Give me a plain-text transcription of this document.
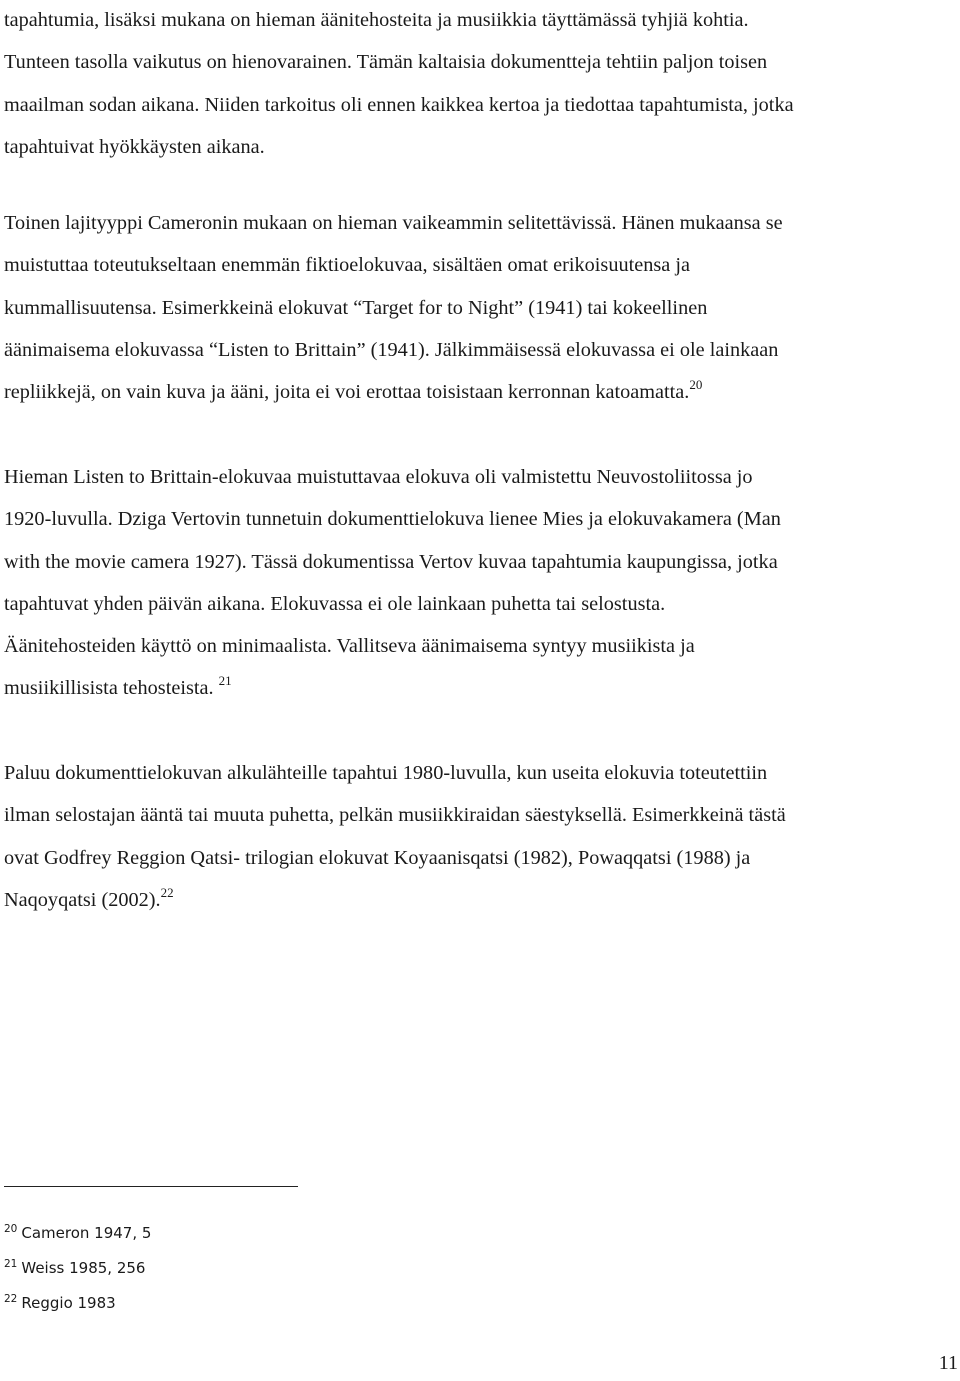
tapahtumia, lisäksi mukana on hieman äänitehosteita ja musiikkia täyttämässä tyhjiä kohtia.
Tunteen tasolla vaikutus on hienovarainen. Tämän kaltaisia dokumentteja tehtiin paljon toisen
maailman sodan aikana. Niiden tarkoitus oli ennen kaikkea kertoa ja tiedottaa tapahtumista, jotka
tapahtuivat hyökkäysten aikana.

Toinen lajityyppi Cameronin mukaan on hieman vaikeammin selitettävissä. Hänen mukaansa se
muistuttaa toteutukseltaan enemmän fiktioelokuvaa, sisältäen omat erikoisuutensa ja
kummallisuutensa. Esimerkkeinä elokuvat “Target for to Night” (1941) tai kokeellinen
äänimaisema elokuvassa “Listen to Brittain” (1941). Jälkimmäisessä elokuvassa ei ole lainkaan
repliikkejä, on vain kuva ja ääni, joita ei voi erottaa toisistaan kerronnan katoamatta.$^{20}$

Hieman Listen to Brittain-elokuvaa muistuttavaa elokuva oli valmistettu Neuvostoliitossa jo
1920-luvulla. Dziga Vertovin tunnetuin dokumenttielokuva lienee Mies ja elokuvakamera (Man
with the movie camera 1927). Tässä dokumentissa Vertov kuvaa tapahtumia kaupungissa, jotka
tapahtuvat yhden päivän aikana. Elokuvassa ei ole lainkaan puhetta tai selostusta.
Äänitehosteiden käyttö on minimaalista. Vallitseva äänimaisema syntyy musiikista ja
musiikillisista tehosteista. $^{21}$

Paluu dokumenttielokuvan alkulähteille tapahtui 1980-luvulla, kun useita elokuvia toteutettiin
ilman selostajan ääntä tai muuta puhetta, pelkän musiikkiraidan säestyksellä. Esimerkkeinä tästä
ovat Godfrey Reggion Qatsi- trilogian elokuvat Koyaanisqatsi (1982), Powaqqatsi (1988) ja
Naqoyqatsi (2002).$^{22}$

$^{20}$ Cameron 1947, 5
$^{21}$ Weiss 1985, 256
$^{22}$ Reggio 1983
11
